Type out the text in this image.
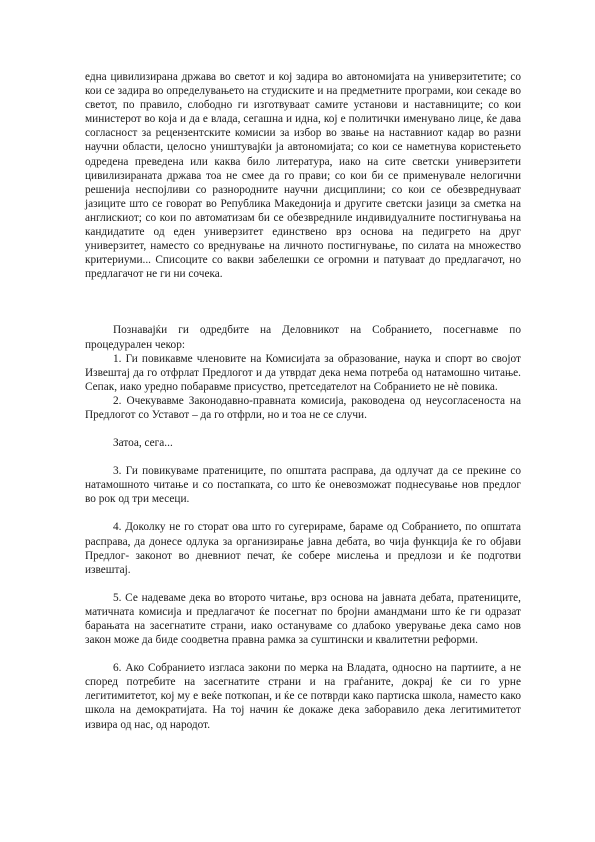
една цивилизирана држава во светот и кој задира во автономијата на универзитетите; со кои се задира во определувањето на студиските и на предметните програми, кои секаде во светот, по правило, слободно ги изготвуваат самите установи и наставниците; со кои министерот во која и да е влада, сегашна и идна, кој е политички именувано лице, ќе дава согласност за рецензентските комисии за избор во звање на наставниот кадар во разни научни области, целосно уништувајќи ја автономијата; со кои се наметнува користењето одредена преведена или каква било литература, иако на сите светски универзитети цивилизираната држава тоа не смее да го прави; со кои би се применувале нелогични решенија неспојливи со разнородните научни дисциплини; со кои се обезвреднуваат јазиците што се говорат во Република Македонија и другите светски јазици за сметка на англискиот; со кои по автоматизам би се обезвредниле индивидуалните постигнувања на кандидатите од еден универзитет единствено врз основа на педигрето на друг универзитет, наместо со вреднување на личното постигнување, по силата на множество критериуми... Списоците со вакви забелешки се огромни и патуваат до предлагачот, но предлагачот не ги ни сочека.

Познавајќи ги одредбите на Деловникот на Собранието, посегнавме по процедурален чекор:

1. Ги повикавме членовите на Комисијата за образование, наука и спорт во својот Извештај да го отфрлат Предлогот и да утврдат дека нема потреба од натамошно читање. Сепак, иако уредно побаравме присуство, претседателот на Собранието не нè повика.

2. Очекувавме Законодавно-правната комисија, раководена од неусогласеноста на Предлогот со Уставот – да го отфрли, но и тоа не се случи.

Затоа, сега...

3. Ги повикуваме пратениците, по општата расправа, да одлучат да се прекине со натамошното читање и со постапката, со што ќе оневозможат поднесување нов предлог во рок од три месеци.

4. Доколку не го сторат ова што го сугерираме, бараме од Собранието, по општата расправа, да донесе одлука за организирање јавна дебата, во чија функција ќе го објави Предлог- законот во дневниот печат, ќе собере мислења и предлози и ќе подготви извештај.

5. Се надеваме дека во второто читање, врз основа на јавната дебата, пратениците, матичната комисија и предлагачот ќе посегнат по бројни амандмани што ќе ги одразат барањата на засегнатите страни, иако остануваме со длабоко уверување дека само нов закон може да биде соодветна правна рамка за суштински и квалитетни реформи.

6. Ако Собранието изгласа закони по мерка на Владата, односно на партиите, а не според потребите на засегнатите страни и на граѓаните, докрај ќе си го урне легитимитетот, кој му е веќе поткопан, и ќе се потврди како партиска школа, наместо како школа на демократијата. На тој начин ќе докаже дека заборавило дека легитимитетот извира од нас, од народот.
